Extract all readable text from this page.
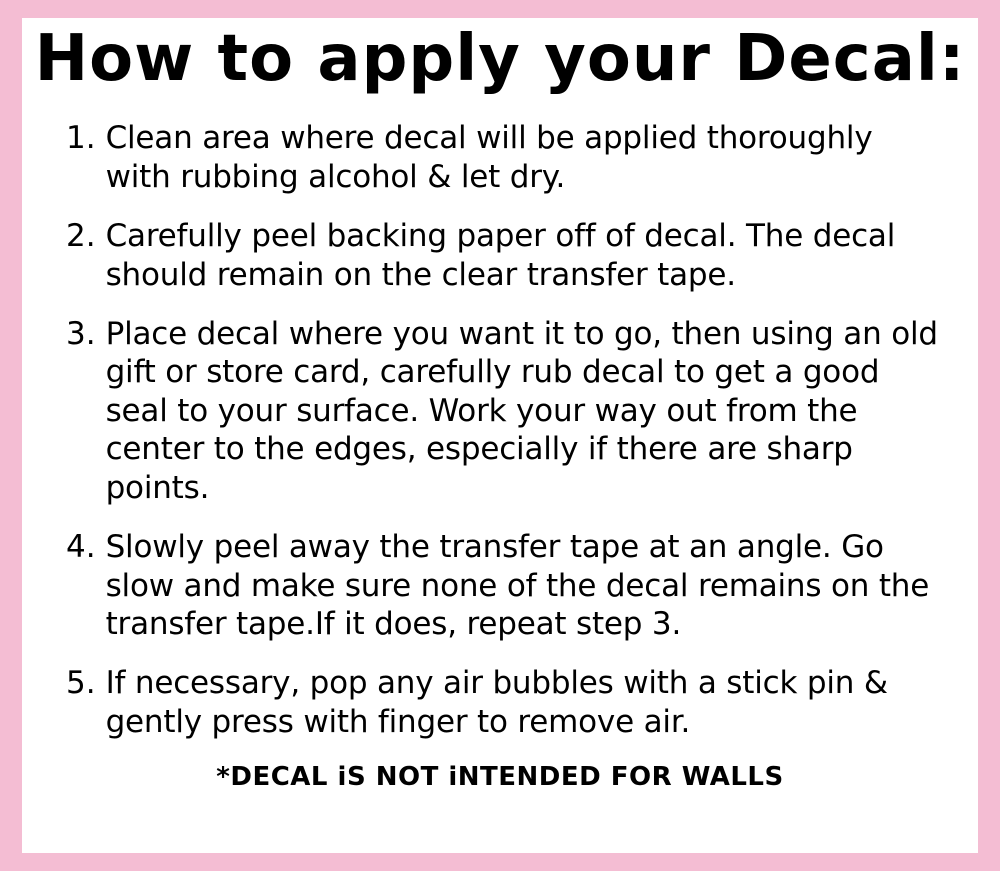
How to apply your Decal:
1. Clean area where decal will be applied thoroughly with rubbing alcohol & let dry.
2. Carefully peel backing paper off of decal. The decal should remain on the clear transfer tape.
3. Place decal where you want it to go, then using an old gift or store card, carefully rub decal to get a good seal to your surface. Work your way out from the center to the edges, especially if there are sharp points.
4. Slowly peel away the transfer tape at an angle. Go slow and make sure none of the decal remains on the transfer tape.If it does, repeat step 3.
5. If necessary, pop any air bubbles with a stick pin & gently press with finger to remove air.
*DECAL iS NOT iNTENDED FOR WALLS
